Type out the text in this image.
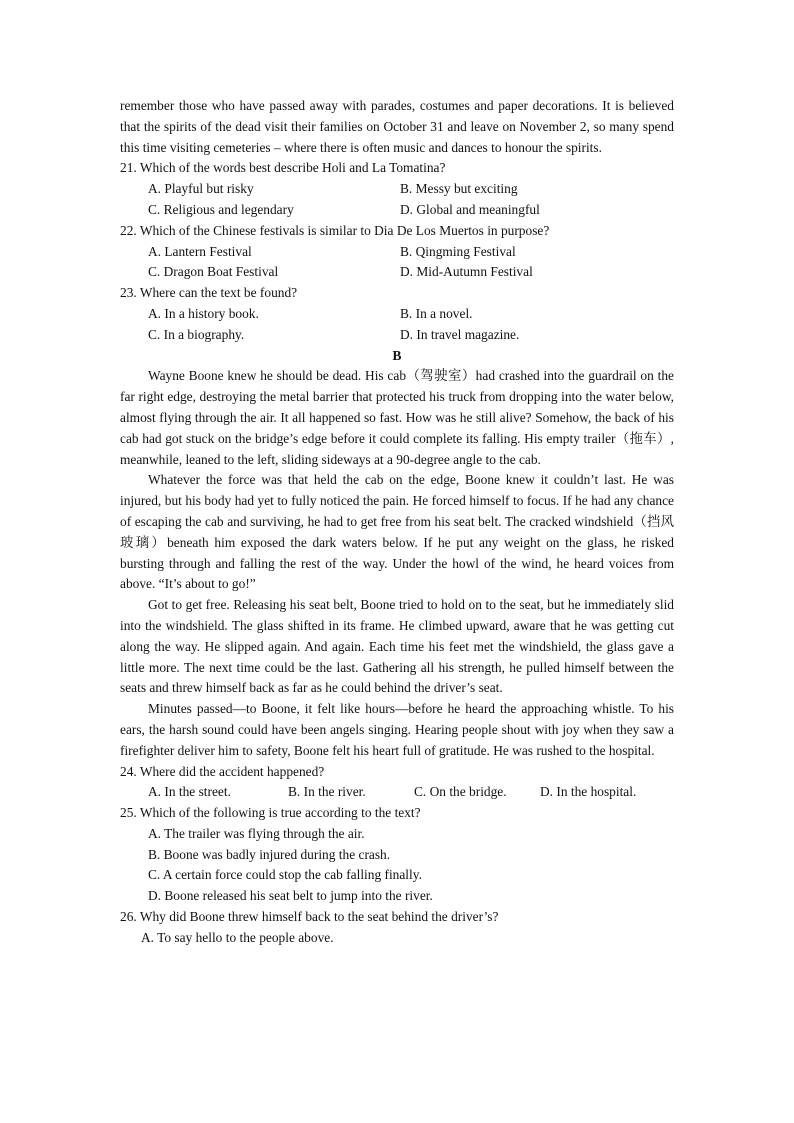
remember those who have passed away with parades, costumes and paper decorations. It is believed that the spirits of the dead visit their families on October 31 and leave on November 2, so many spend this time visiting cemeteries – where there is often music and dances to honour the spirits.

21. Which of the words best describe Holi and La Tomatina?

A. Playful but risky	B. Messy but exciting
C. Religious and legendary	D. Global and meaningful

22. Which of the Chinese festivals is similar to Dia De Los Muertos in purpose?

A. Lantern Festival	B. Qingming Festival
C. Dragon Boat Festival	D. Mid-Autumn Festival

23. Where can the text be found?

A. In a history book.	B. In a novel.
C. In a biography.	D. In travel magazine.

B

Wayne Boone knew he should be dead. His cab（驾驶室）had crashed into the guardrail on the far right edge, destroying the metal barrier that protected his truck from dropping into the water below, almost flying through the air. It all happened so fast. How was he still alive? Somehow, the back of his cab had got stuck on the bridge’s edge before it could complete its falling. His empty trailer（拖车）, meanwhile, leaned to the left, sliding sideways at a 90-degree angle to the cab.

Whatever the force was that held the cab on the edge, Boone knew it couldn’t last. He was injured, but his body had yet to fully noticed the pain. He forced himself to focus. If he had any chance of escaping the cab and surviving, he had to get free from his seat belt. The cracked windshield（挡风玻璃）beneath him exposed the dark waters below. If he put any weight on the glass, he risked bursting through and falling the rest of the way. Under the howl of the wind, he heard voices from above. “It’s about to go!”

Got to get free. Releasing his seat belt, Boone tried to hold on to the seat, but he immediately slid into the windshield. The glass shifted in its frame. He climbed upward, aware that he was getting cut along the way. He slipped again. And again. Each time his feet met the windshield, the glass gave a little more. The next time could be the last. Gathering all his strength, he pulled himself between the seats and threw himself back as far as he could behind the driver’s seat.

Minutes passed—to Boone, it felt like hours—before he heard the approaching whistle. To his ears, the harsh sound could have been angels singing. Hearing people shout with joy when they saw a firefighter deliver him to safety, Boone felt his heart full of gratitude. He was rushed to the hospital.

24. Where did the accident happened?

A. In the street.	B. In the river.	C. On the bridge.	D. In the hospital.

25. Which of the following is true according to the text?

A. The trailer was flying through the air.
B. Boone was badly injured during the crash.
C. A certain force could stop the cab falling finally.
D. Boone released his seat belt to jump into the river.

26. Why did Boone threw himself back to the seat behind the driver’s?

A. To say hello to the people above.
